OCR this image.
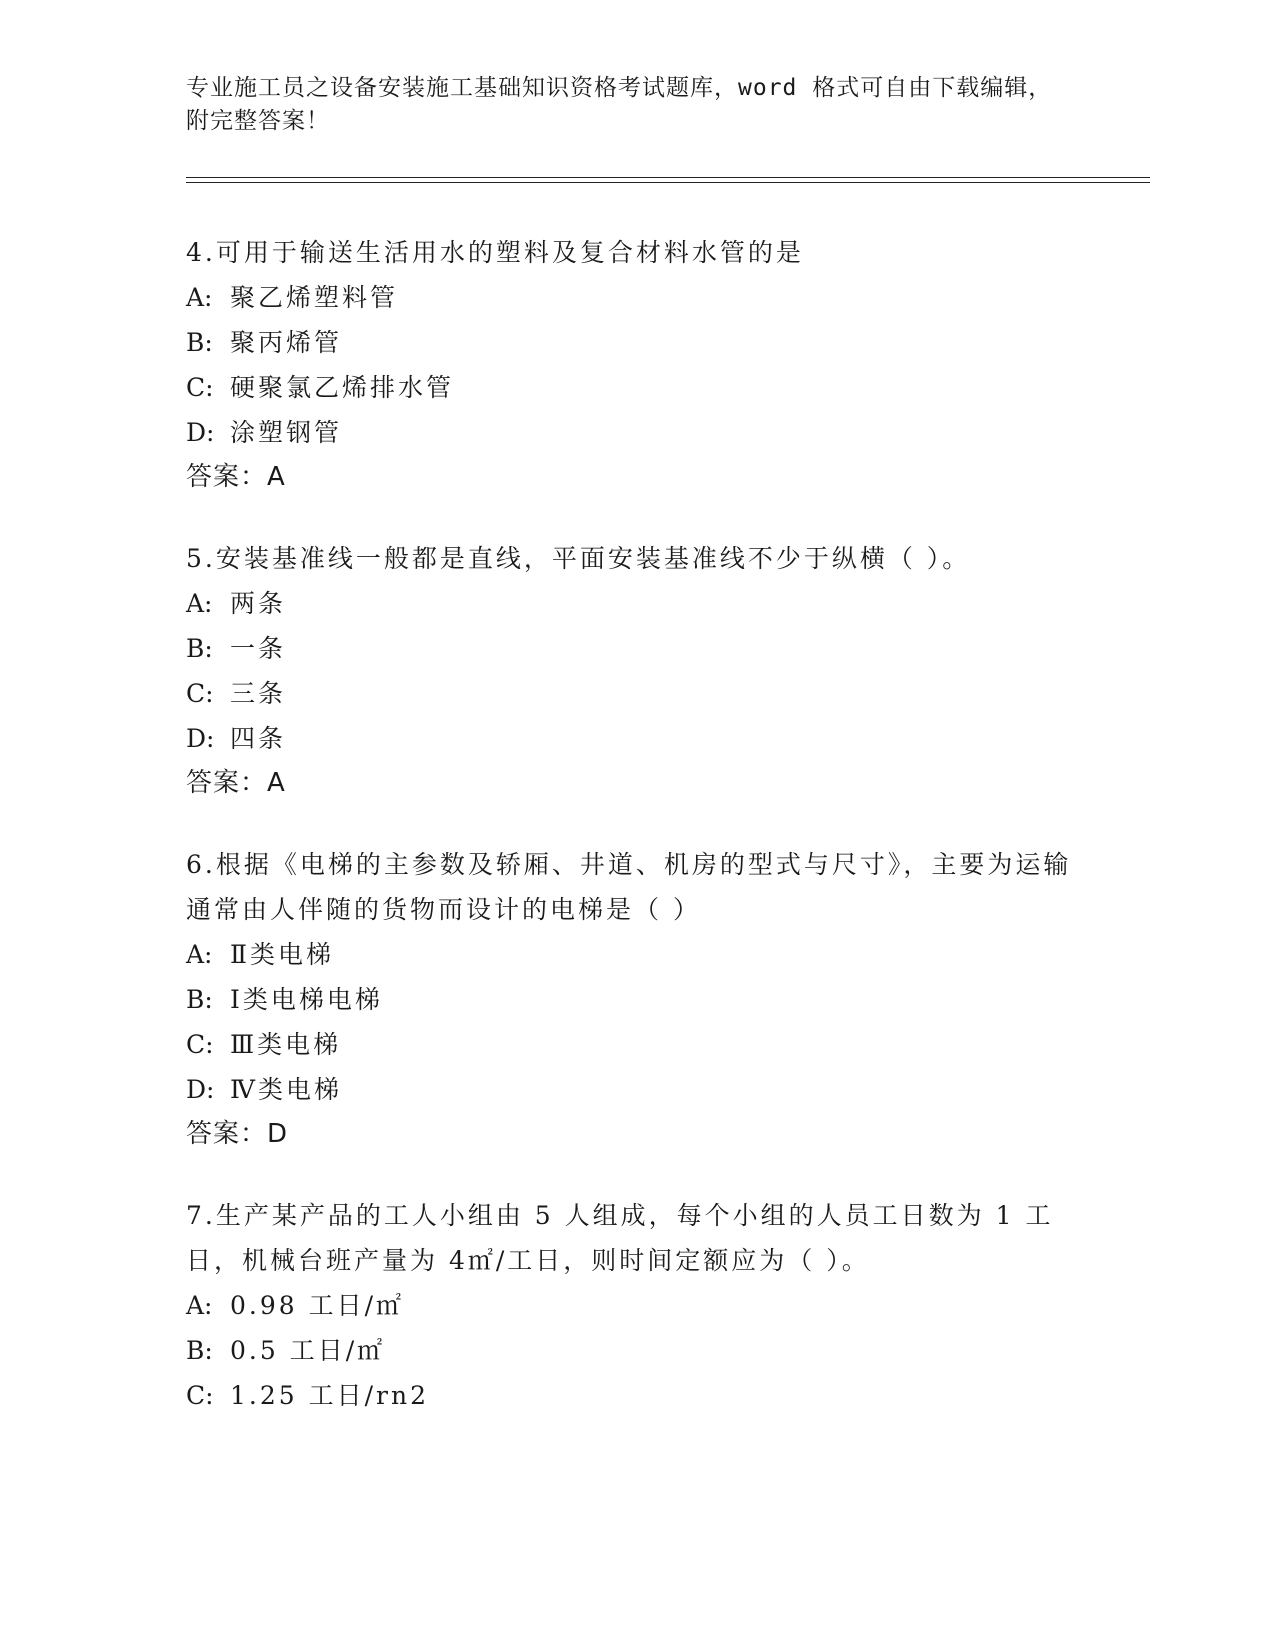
专业施工员之设备安装施工基础知识资格考试题库，word 格式可自由下载编辑，
附完整答案！

4.可用于输送生活用水的塑料及复合材料水管的是

A: 聚乙烯塑料管

B: 聚丙烯管

C: 硬聚氯乙烯排水管

D: 涂塑钢管

答案：A

5.安装基准线一般都是直线，平面安装基准线不少于纵横（ ）。

A: 两条

B: 一条

C: 三条

D: 四条

答案：A

6.根据《电梯的主参数及轿厢、井道、机房的型式与尺寸》，主要为运输通常由人伴随的货物而设计的电梯是（ ）

A: Ⅱ类电梯

B: Ⅰ类电梯电梯

C: Ⅲ类电梯

D: Ⅳ类电梯

答案：D

7.生产某产品的工人小组由 5 人组成，每个小组的人员工日数为 1 工日，机械台班产量为 4㎡/工日，则时间定额应为（ ）。

A: 0.98 工日/㎡

B: 0.5 工日/㎡

C: 1.25 工日/rn2
